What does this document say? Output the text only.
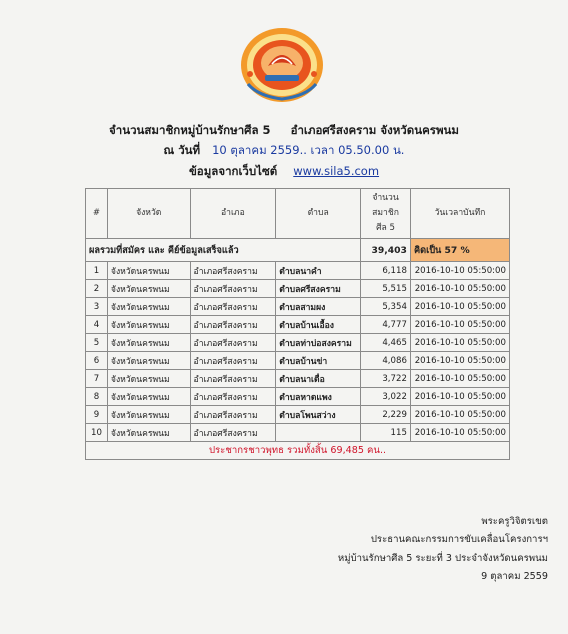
จำนวนสมาชิกหมู่บ้านรักษาศีล 5 อำเภอศรีสงคราม จังหวัดนครพนม
ณ วันที่ 10 ตุลาคม 2559.. เวลา 05.50.00 น.
ข้อมูลจากเว็บไซต์ www.sila5.com
#	จังหวัด	อำเภอ	ตำบล	จำนวน
สมาชิก
ศีล 5	วันเวลาบันทึก
ผลรวมที่สมัคร และ คีย์ข้อมูลเสร็จแล้ว				39,403	คิดเป็น 57 %
1	จังหวัดนครพนม	อำเภอศรีสงคราม	ตำบลนาคำ	6,118	2016-10-10 05:50:00
2	จังหวัดนครพนม	อำเภอศรีสงคราม	ตำบลศรีสงคราม	5,515	2016-10-10 05:50:00
3	จังหวัดนครพนม	อำเภอศรีสงคราม	ตำบลสามผง	5,354	2016-10-10 05:50:00
4	จังหวัดนครพนม	อำเภอศรีสงคราม	ตำบลบ้านเอื้อง	4,777	2016-10-10 05:50:00
5	จังหวัดนครพนม	อำเภอศรีสงคราม	ตำบลท่าบ่อสงคราม	4,465	2016-10-10 05:50:00
6	จังหวัดนครพนม	อำเภอศรีสงคราม	ตำบลบ้านข่า	4,086	2016-10-10 05:50:00
7	จังหวัดนครพนม	อำเภอศรีสงคราม	ตำบลนาเดื่อ	3,722	2016-10-10 05:50:00
8	จังหวัดนครพนม	อำเภอศรีสงคราม	ตำบลหาดแพง	3,022	2016-10-10 05:50:00
9	จังหวัดนครพนม	อำเภอศรีสงคราม	ตำบลโพนสว่าง	2,229	2016-10-10 05:50:00
10	จังหวัดนครพนม	อำเภอศรีสงคราม		115	2016-10-10 05:50:00
ประชากรชาวพุทธ รวมทั้งสิ้น 69,485 คน..					
พระครูวิจิตรเขต
ประธานคณะกรรมการขับเคลื่อนโครงการฯ
หมู่บ้านรักษาศีล 5 ระยะที่ 3 ประจำจังหวัดนครพนม
9 ตุลาคม 2559
